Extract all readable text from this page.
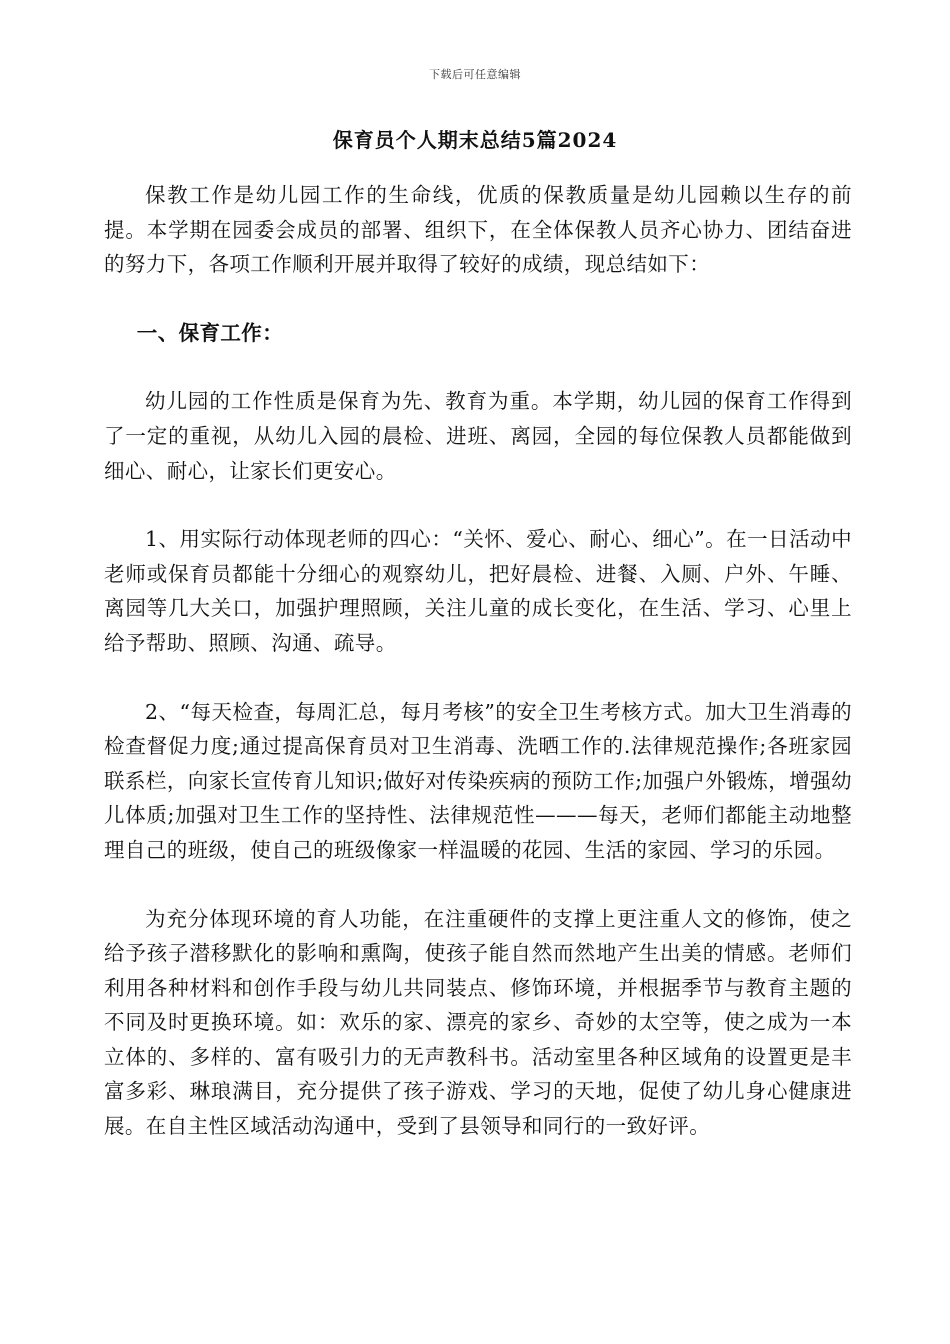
下载后可任意编辑
保育员个人期末总结5篇2024

保教工作是幼儿园工作的生命线，优质的保教质量是幼儿园赖以生存的前提。本学期在园委会成员的部署、组织下，在全体保教人员齐心协力、团结奋进的努力下，各项工作顺利开展并取得了较好的成绩，现总结如下：

一、保育工作：

幼儿园的工作性质是保育为先、教育为重。本学期，幼儿园的保育工作得到了一定的重视，从幼儿入园的晨检、进班、离园，全园的每位保教人员都能做到细心、耐心，让家长们更安心。

1、用实际行动体现老师的四心：“关怀、爱心、耐心、细心”。在一日活动中老师或保育员都能十分细心的观察幼儿，把好晨检、进餐、入厕、户外、午睡、离园等几大关口，加强护理照顾，关注儿童的成长变化，在生活、学习、心里上给予帮助、照顾、沟通、疏导。

2、“每天检查，每周汇总，每月考核”的安全卫生考核方式。加大卫生消毒的检查督促力度;通过提高保育员对卫生消毒、洗晒工作的.法律规范操作;各班家园联系栏，向家长宣传育儿知识;做好对传染疾病的预防工作;加强户外锻炼，增强幼儿体质;加强对卫生工作的坚持性、法律规范性———每天，老师们都能主动地整理自己的班级，使自己的班级像家一样温暖的花园、生活的家园、学习的乐园。

为充分体现环境的育人功能，在注重硬件的支撑上更注重人文的修饰，使之给予孩子潜移默化的影响和熏陶，使孩子能自然而然地产生出美的情感。老师们利用各种材料和创作手段与幼儿共同装点、修饰环境，并根据季节与教育主题的不同及时更换环境。如：欢乐的家、漂亮的家乡、奇妙的太空等，使之成为一本立体的、多样的、富有吸引力的无声教科书。活动室里各种区域角的设置更是丰富多彩、琳琅满目，充分提供了孩子游戏、学习的天地，促使了幼儿身心健康进展。在自主性区域活动沟通中，受到了县领导和同行的一致好评。
